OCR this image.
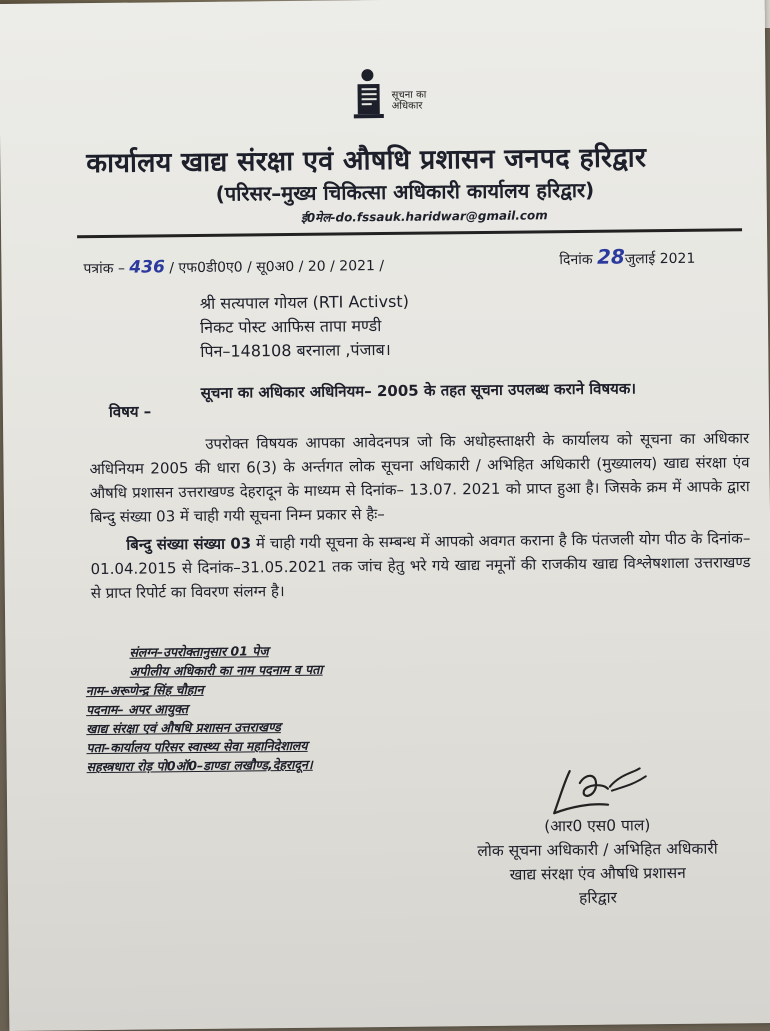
सूचना का
अधिकार
कार्यालय खाद्य संरक्षा एवं औषधि प्रशासन जनपद हरिद्वार
(परिसर–मुख्य चिकित्सा अधिकारी कार्यालय हरिद्वार)
ई0मेल-do.fssauk.haridwar@gmail.com
पत्रांक – 436 / एफ0डी0ए0 / सू0अ0 / 20 / 2021 /	दिनांक 28जुलाई 2021
श्री सत्यपाल गोयल (RTI Activst)
निकट पोस्ट आफिस तापा मण्डी
पिन–148108 बरनाला ,पंजाब।
विषय –
सूचना का अधिकार अधिनियम– 2005 के तहत सूचना उपलब्ध कराने विषयक।

उपरोक्त विषयक आपका आवेदनपत्र जो कि अधोहस्ताक्षरी के कार्यालय को सूचना का अधिकार अधिनियम 2005 की धारा 6(3) के अर्न्तगत लोक सूचना अधिकारी / अभिहित अधिकारी (मुख्यालय) खाद्य संरक्षा एंव औषधि प्रशासन उत्तराखण्ड देहरादून के माध्यम से दिनांक– 13.07. 2021 को प्राप्त हुआ है। जिसके क्रम में आपके द्वारा बिन्दु संख्या 03 में चाही गयी सूचना निम्न प्रकार से हैः–

बिन्दु संख्या संख्या 03 में चाही गयी सूचना के सम्बन्ध में आपको अवगत कराना है कि पंतजली योग पीठ के दिनांक–01.04.2015 से दिनांक–31.05.2021 तक जांच हेतु भरे गये खाद्य नमूनों की राजकीय खाद्य विश्लेषशाला उत्तराखण्ड से प्राप्त रिपोर्ट का विवरण संलग्न है।

संलग्न–उपरोक्तानुसार 01 पेज
अपीलीय अधिकारी का नाम पदनाम व पता
नाम–अरूणेन्द्र सिंह चौहान
पदनाम– अपर आयुक्त
खाद्य संरक्षा एवं औषधि प्रशासन उत्तराखण्ड
पता–कार्यालय परिसर स्वास्थ्य सेवा महानिदेशालय
सहस्त्रधारा रोड़ पो0ऑ0–डाण्डा लखौण्ड,देहरादून।
(आर0 एस0 पाल)
लोक सूचना अधिकारी / अभिहित अधिकारी
खाद्य संरक्षा एंव औषधि प्रशासन
हरिद्वार
